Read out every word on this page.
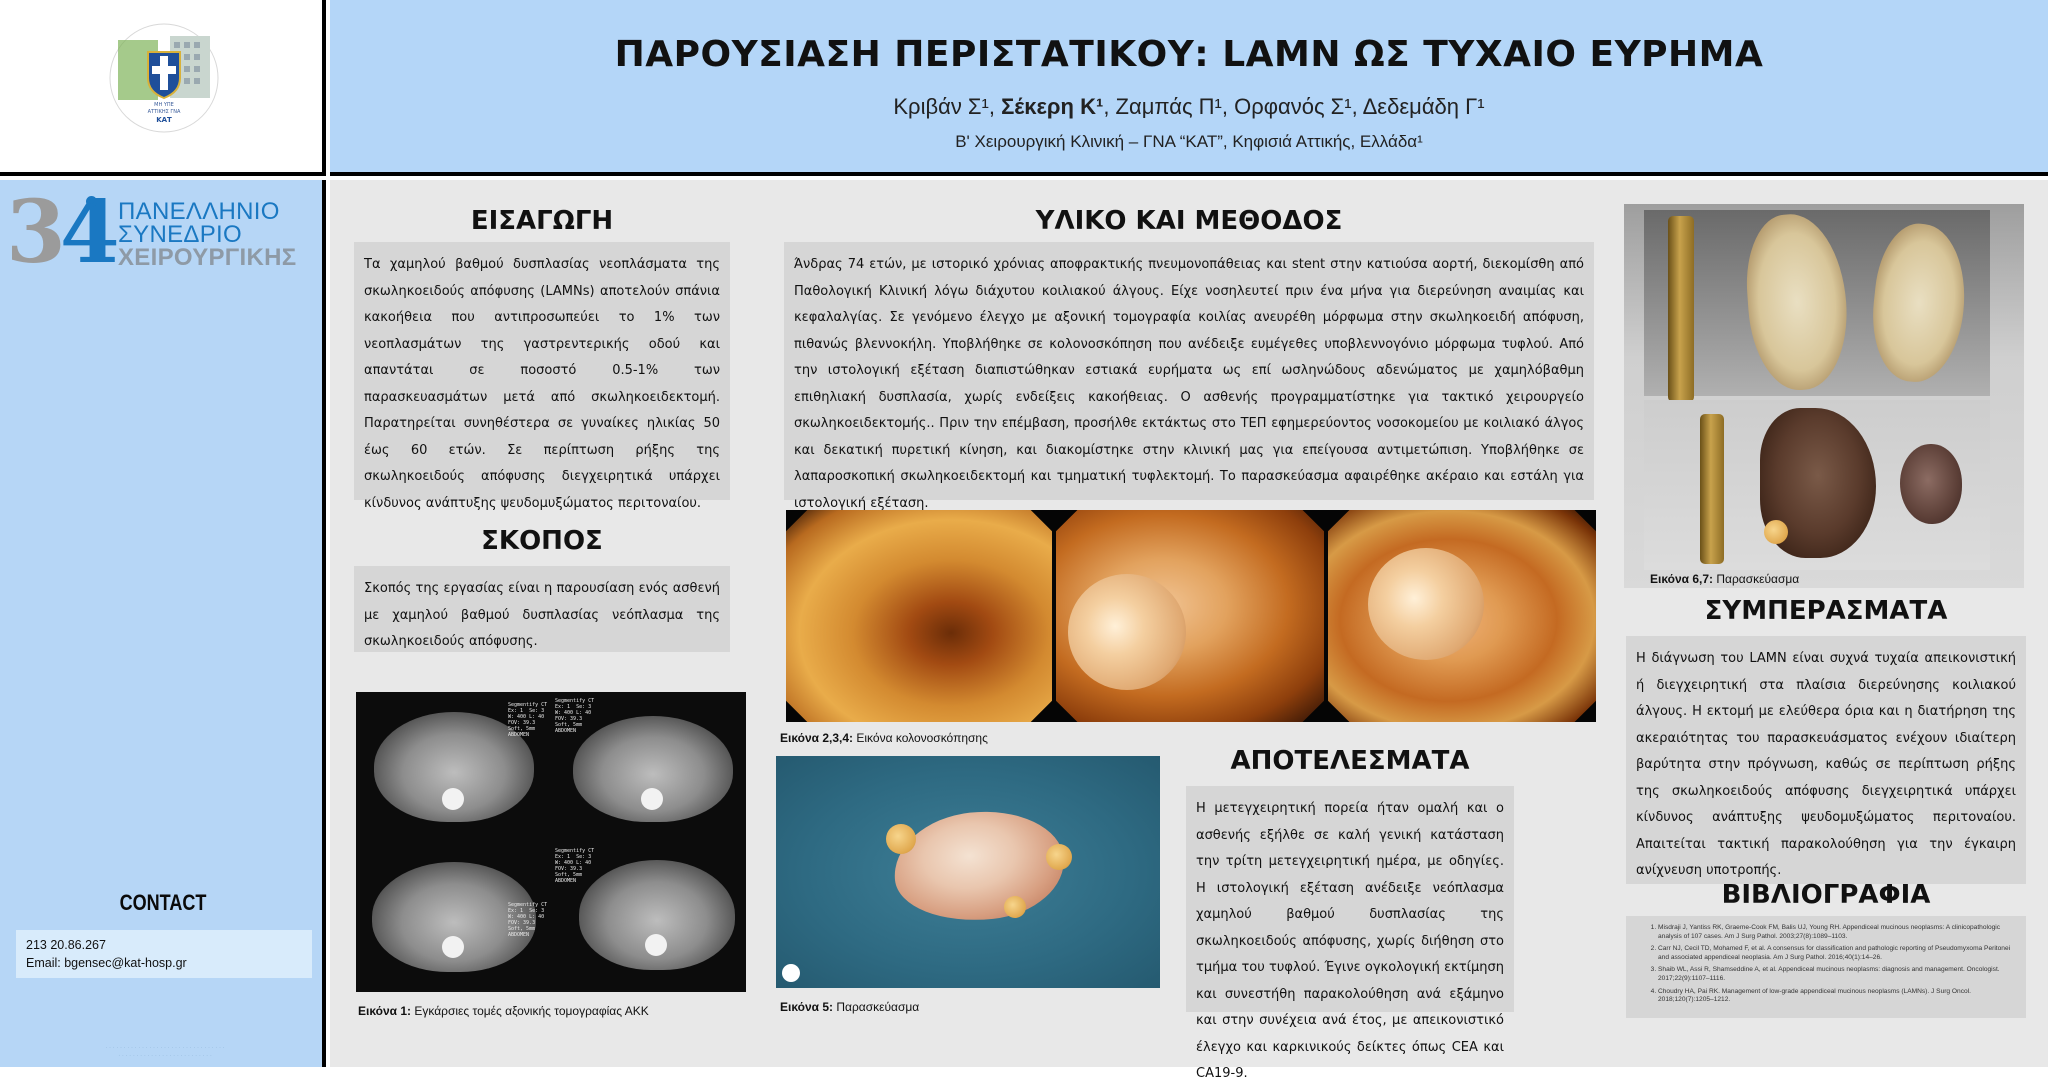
ΜΗ ΥΠΕ
ΑΤΤΙΚΗΣ ΓΝΑ
ΚΑΤ
ΠΑΡΟΥΣΙΑΣΗ ΠΕΡΙΣΤΑΤΙΚΟΥ: LAMN ΩΣ ΤΥΧΑΙΟ ΕΥΡΗΜΑ
Κριβάν Σ¹, Σέκερη Κ¹, Ζαμπάς Π¹, Ορφανός Σ¹, Δεδεμάδη Γ¹
Β' Χειρουργική Κλινική – ΓΝΑ “ΚΑΤ”, Κηφισιά Αττικής, Ελλάδα¹
34 ΠΑΝΕΛΛΗΝΙΟ
ΣΥΝΕΔΡΙΟ
ΧΕΙΡΟΥΡΓΙΚΗΣ
CONTACT
213 20.86.267
Email: bgensec@kat-hosp.gr
· · · · · · · · · · · · · · · · · · · · · · · · · · · · · · · · ·
· · · · · · · · · · · · · · · · · · · · · · · · · ·
ΕΙΣΑΓΩΓΗ
Τα χαμηλού βαθμού δυσπλασίας νεοπλάσματα της σκωληκοειδούς απόφυσης (LAMNs) αποτελούν σπάνια κακοήθεια που αντιπροσωπεύει το 1% των νεοπλασμάτων της γαστρεντερικής οδού και απαντάται σε ποσοστό 0.5-1% των παρασκευασμάτων μετά από σκωληκοειδεκτομή. Παρατηρείται συνηθέστερα σε γυναίκες ηλικίας 50 έως 60 ετών. Σε περίπτωση ρήξης της σκωληκοειδούς απόφυσης διεγχειρητικά υπάρχει κίνδυνος ανάπτυξης ψευδομυξώματος περιτοναίου.
ΣΚΟΠΟΣ
Σκοπός της εργασίας είναι η παρουσίαση ενός ασθενή με χαμηλού βαθμού δυσπλασίας νεόπλασμα της σκωληκοειδούς απόφυσης.
Segmentify CT
Ex: 1  Se: 3
W: 400 L: 40
FOV: 39.3
Soft, 5mm
ABDOMEN
Segmentify CT
Ex: 1  Se: 3
W: 400 L: 40
FOV: 39.3
Soft, 5mm
ABDOMEN
Segmentify CT
Ex: 1  Se: 3
W: 400 L: 40
FOV: 39.3
Soft, 5mm
ABDOMEN
Segmentify CT
Ex: 1  Se: 3
W: 400 L: 40
FOV: 39.3
Soft, 5mm
ABDOMEN
Εικόνα 1: Εγκάρσιες τομές αξονικής τομογραφίας ΑΚΚ
ΥΛΙΚΟ ΚΑΙ ΜΕΘΟΔΟΣ
Άνδρας 74 ετών, με ιστορικό χρόνιας αποφρακτικής πνευμονοπάθειας και stent στην κατιούσα αορτή, διεκομίσθη από Παθολογική Κλινική λόγω διάχυτου κοιλιακού άλγους. Είχε νοσηλευτεί πριν ένα μήνα για διερεύνηση αναιμίας και κεφαλαλγίας. Σε γενόμενο έλεγχο με αξονική τομογραφία κοιλίας ανευρέθη μόρφωμα στην σκωληκοειδή απόφυση, πιθανώς βλεννοκήλη. Υποβλήθηκε σε κολονοσκόπηση που ανέδειξε ευμέγεθες υποβλεννογόνιο μόρφωμα τυφλού. Από την ιστολογική εξέταση διαπιστώθηκαν εστιακά ευρήματα ως επί ωσληνώδους αδενώματος με χαμηλόβαθμη επιθηλιακή δυσπλασία, χωρίς ενδείξεις κακοήθειας. Ο ασθενής προγραμματίστηκε για τακτικό χειρουργείο σκωληκοειδεκτομής.. Πριν την επέμβαση, προσήλθε εκτάκτως στο ΤΕΠ εφημερεύοντος νοσοκομείου με κοιλιακό άλγος και δεκατική πυρετική κίνηση, και διακομίστηκε στην κλινική μας για επείγουσα αντιμετώπιση. Υποβλήθηκε σε λαπαροσκοπική σκωληκοειδεκτομή και τμηματική τυφλεκτομή. Το παρασκεύασμα αφαιρέθηκε ακέραιο και εστάλη για ιστολογική εξέταση.
Εικόνα 2,3,4: Εικόνα κολονοσκόπησης
Εικόνα 5: Παρασκεύασμα
ΑΠΟΤΕΛΕΣΜΑΤΑ
Η μετεγχειρητική πορεία ήταν ομαλή και ο ασθενής εξήλθε σε καλή γενική κατάσταση την τρίτη μετεγχειρητική ημέρα, με οδηγίες. Η ιστολογική εξέταση ανέδειξε νεόπλασμα χαμηλού βαθμού δυσπλασίας της σκωληκοειδούς απόφυσης, χωρίς διήθηση στο τμήμα του τυφλού. Έγινε ογκολογική εκτίμηση και συνεστήθη παρακολούθηση ανά εξάμηνο και στην συνέχεια ανά έτος, με απεικονιστικό έλεγχο και καρκινικούς δείκτες όπως CEA και CA19-9.
Εικόνα 6,7: Παρασκεύασμα
ΣΥΜΠΕΡΑΣΜΑΤΑ
Η διάγνωση του LAMN είναι συχνά τυχαία απεικονιστική ή διεγχειρητική στα πλαίσια διερεύνησης κοιλιακού άλγους. Η εκτομή με ελεύθερα όρια και η διατήρηση της ακεραιότητας του παρασκευάσματος ενέχουν ιδιαίτερη βαρύτητα στην πρόγνωση, καθώς σε περίπτωση ρήξης της σκωληκοειδούς απόφυσης διεγχειρητικά υπάρχει κίνδυνος ανάπτυξης ψευδομυξώματος περιτοναίου. Απαιτείται τακτική παρακολούθηση για την έγκαιρη ανίχνευση υποτροπής.
ΒΙΒΛΙΟΓΡΑΦΙΑ
1. Misdraji J, Yantiss RK, Graeme-Cook FM, Balis UJ, Young RH. Appendiceal mucinous neoplasms: A clinicopathologic analysis of 107 cases. Am J Surg Pathol. 2003;27(8):1089–1103.
2. Carr NJ, Cecil TD, Mohamed F, et al. A consensus for classification and pathologic reporting of Pseudomyxoma Peritonei and associated appendiceal neoplasia. Am J Surg Pathol. 2016;40(1):14–26.
3. Shaib WL, Assi R, Shamseddine A, et al. Appendiceal mucinous neoplasms: diagnosis and management. Oncologist. 2017;22(9):1107–1116.
4. Choudry HA, Pai RK. Management of low-grade appendiceal mucinous neoplasms (LAMNs). J Surg Oncol. 2018;120(7):1205–1212.
